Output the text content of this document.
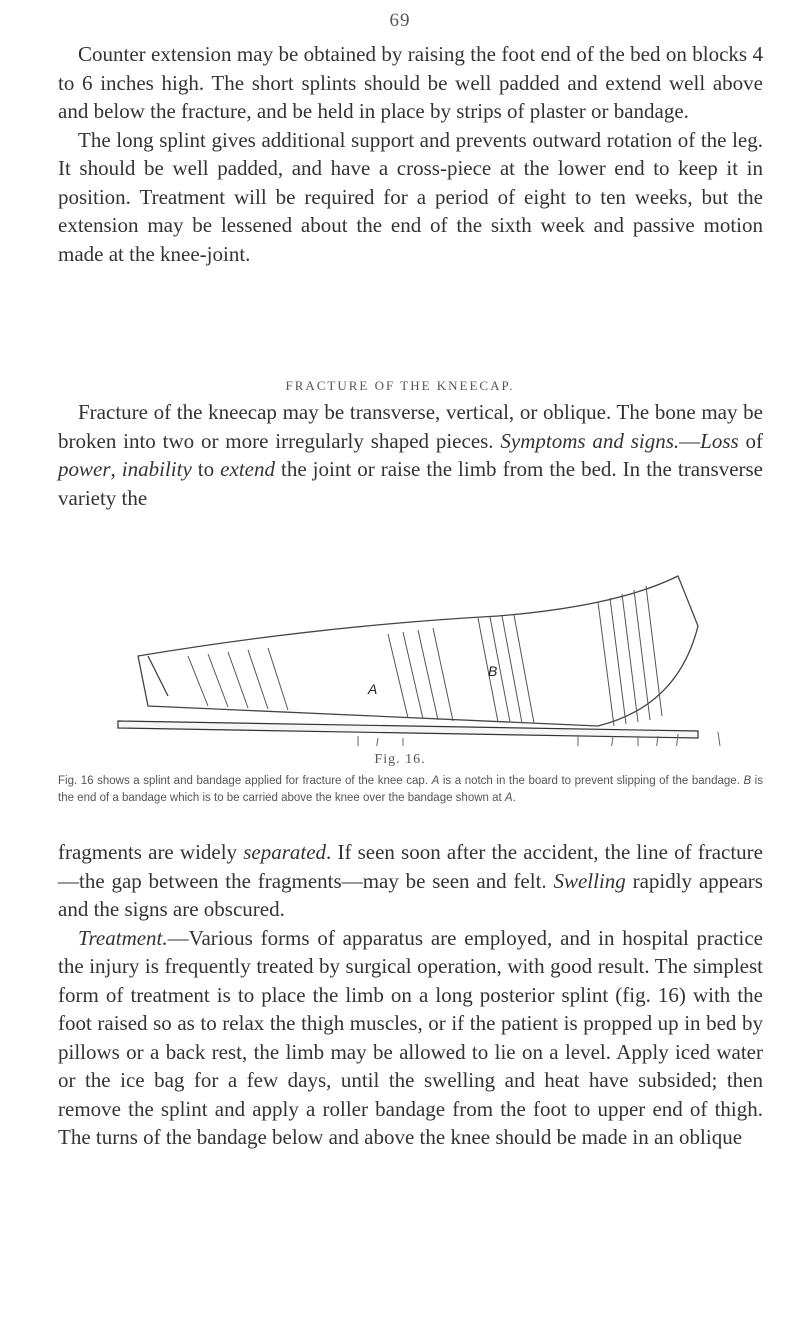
69

Counter extension may be obtained by raising the foot end of the bed on blocks 4 to 6 inches high. The short splints should be well padded and extend well above and below the fracture, and be held in place by strips of plaster or bandage.

The long splint gives additional support and prevents outward rotation of the leg. It should be well padded, and have a cross-piece at the lower end to keep it in position. Treatment will be required for a period of eight to ten weeks, but the extension may be lessened about the end of the sixth week and passive motion made at the knee-joint.

FRACTURE OF THE KNEECAP.

Fracture of the kneecap may be transverse, vertical, or oblique. The bone may be broken into two or more irregularly shaped pieces. Symptoms and signs.—Loss of power, inability to extend the joint or raise the limb from the bed. In the transverse variety the

A
B
Fig. 16.
Fig. 16 shows a splint and bandage applied for fracture of the knee cap. A is a notch in the board to prevent slipping of the bandage. B is the end of a bandage which is to be carried above the knee over the bandage shown at A.

fragments are widely separated. If seen soon after the accident, the line of fracture—the gap between the fragments—may be seen and felt. Swelling rapidly appears and the signs are obscured.

Treatment.—Various forms of apparatus are employed, and in hospital practice the injury is frequently treated by surgical operation, with good result. The simplest form of treatment is to place the limb on a long posterior splint (fig. 16) with the foot raised so as to relax the thigh muscles, or if the patient is propped up in bed by pillows or a back rest, the limb may be allowed to lie on a level. Apply iced water or the ice bag for a few days, until the swelling and heat have subsided; then remove the splint and apply a roller bandage from the foot to upper end of thigh. The turns of the bandage below and above the knee should be made in an oblique
